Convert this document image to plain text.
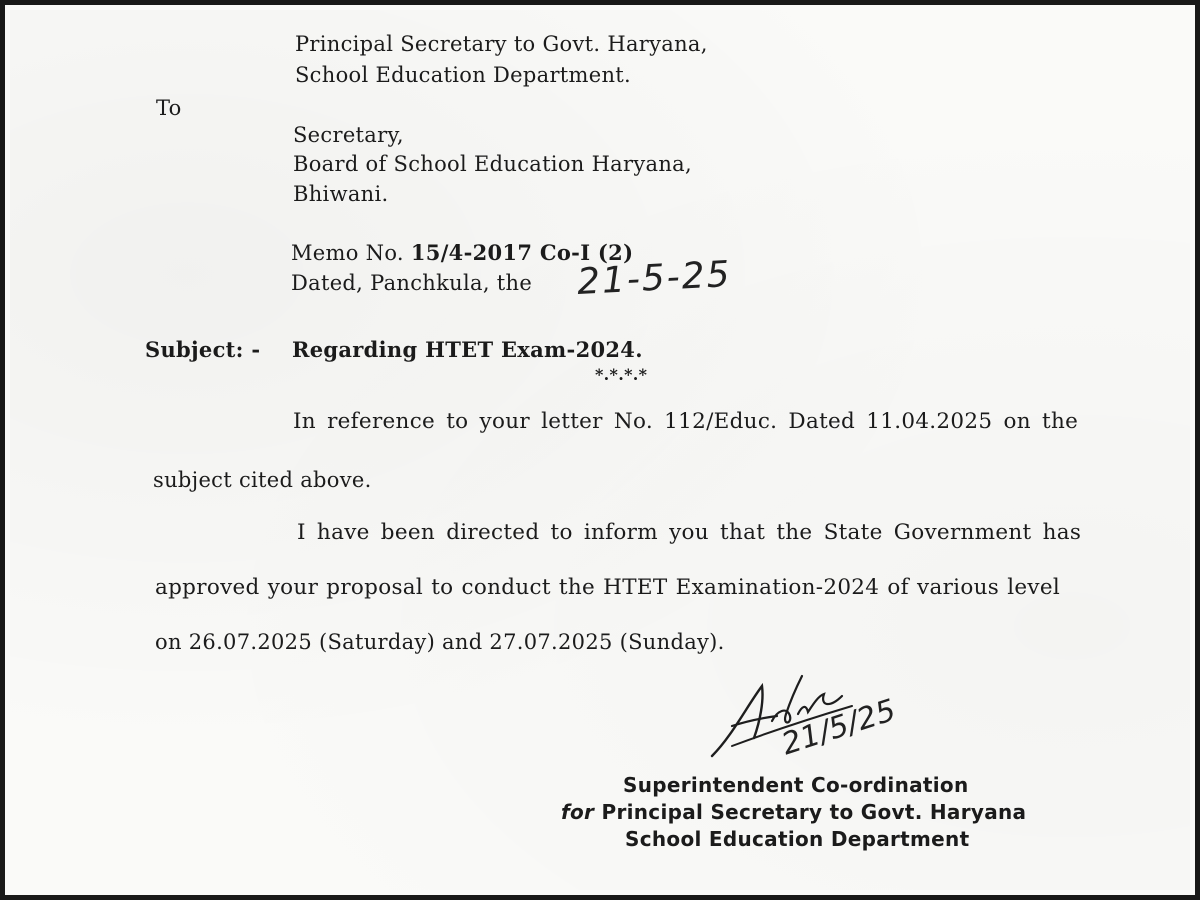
Principal Secretary to Govt. Haryana,
School Education Department.
To
Secretary,
Board of School Education Haryana,
Bhiwani.
Memo No. 15/4-2017 Co-I (2)
Dated, Panchkula, the 21-5-25
Subject: - Regarding HTET Exam-2024.
*.*.*.*
In reference to your letter No. 112/Educ. Dated 11.04.2025 on the
subject cited above.
I have been directed to inform you that the State Government has
approved your proposal to conduct the HTET Examination-2024 of various level
on 26.07.2025 (Saturday) and 27.07.2025 (Sunday).
21/5/25
Superintendent Co-ordination
for Principal Secretary to Govt. Haryana
School Education Department
